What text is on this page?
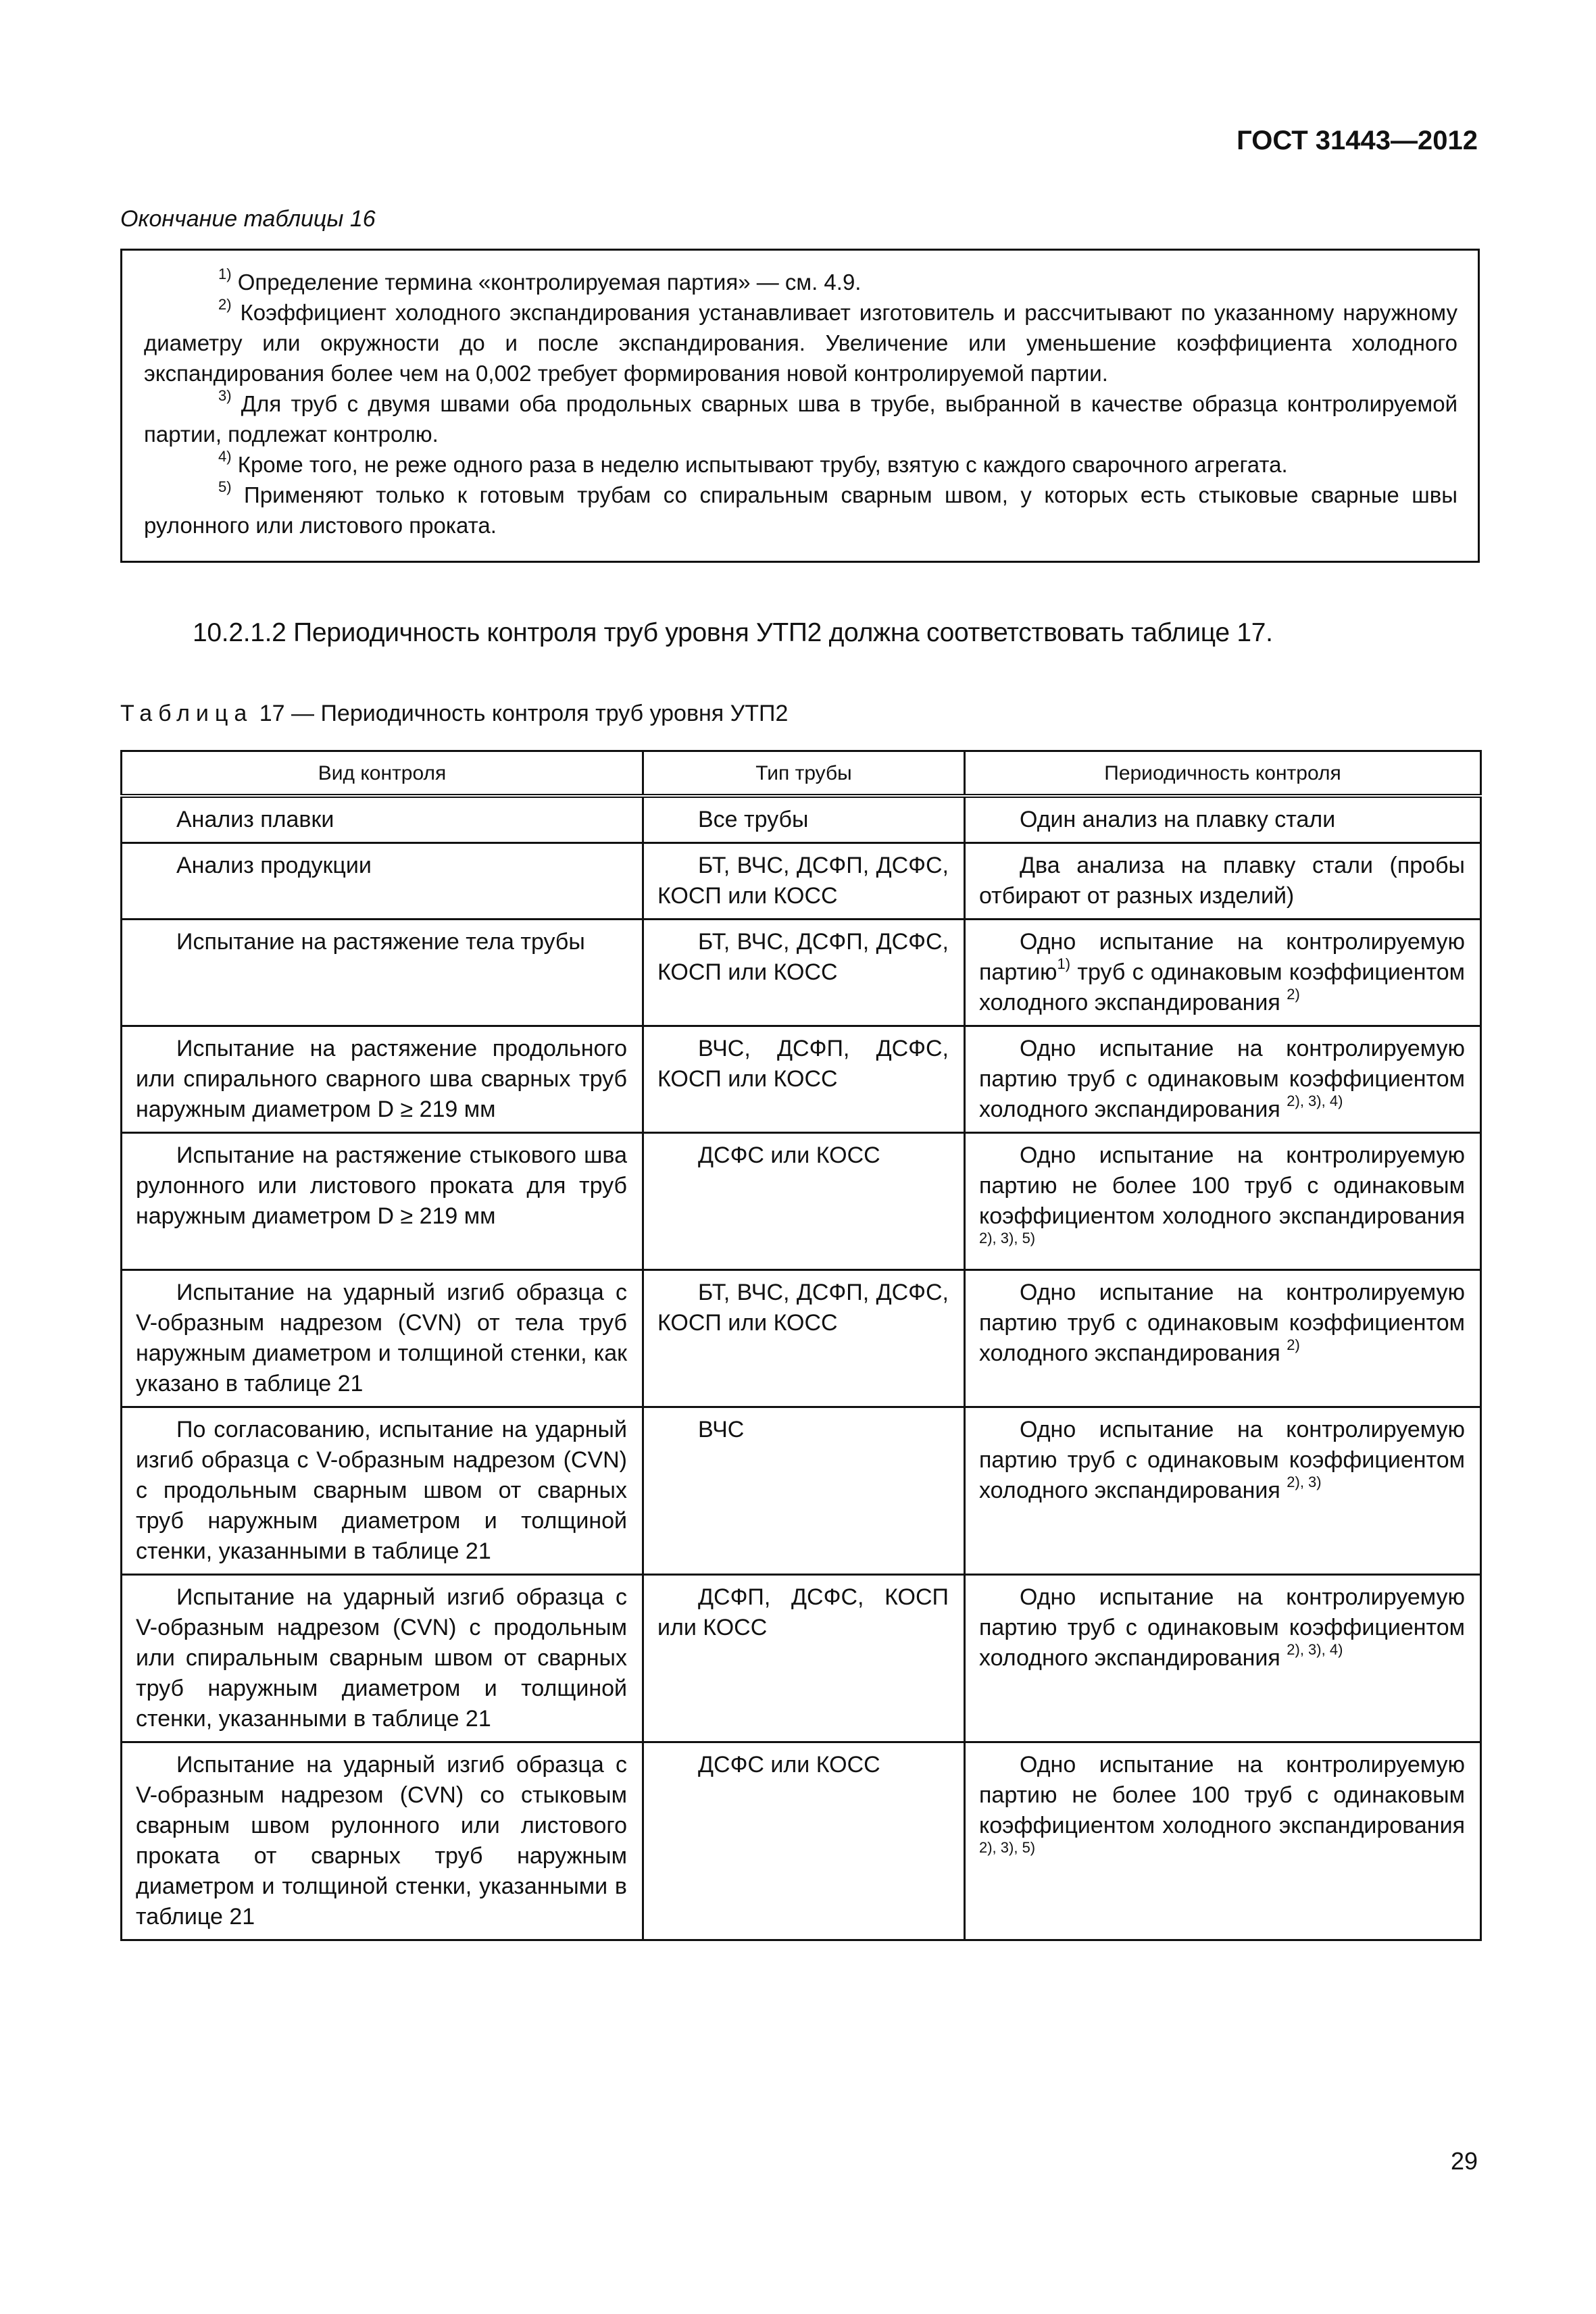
ГОСТ 31443—2012
Окончание таблицы 16

$^{1)}$ Определение термина «контролируемая партия» — см. 4.9.

$^{2)}$ Коэффициент холодного экспандирования устанавливает изготовитель и рассчитывают по указанному наружному диаметру или окружности до и после экспандирования. Увеличение или уменьшение коэффициента холодного экспандирования более чем на 0,002 требует формирования новой контролируемой партии.

$^{3)}$ Для труб с двумя швами оба продольных сварных шва в трубе, выбранной в качестве образца контролируемой партии, подлежат контролю.

$^{4)}$ Кроме того, не реже одного раза в неделю испытывают трубу, взятую с каждого сварочного агрегата.

$^{5)}$ Применяют только к готовым трубам со спиральным сварным швом, у которых есть стыковые сварные швы рулонного или листового проката.

10.2.1.2 Периодичность контроля труб уровня УТП2 должна соответствовать таблице 17.
Таблица 17 — Периодичность контроля труб уровня УТП2
Вид контроля	Тип трубы	Периодичность контроля

Анализ плавки	Все трубы	Один анализ на плавку стали

Анализ продукции	БТ, ВЧС, ДСФП, ДСФС, КОСП или КОСС	Два анализа на плавку стали (пробы отбирают от разных изделий)

Испытание на растяжение тела трубы	БТ, ВЧС, ДСФП, ДСФС, КОСП или КОСС	Одно испытание на контролируемую партию$^{1)}$ труб с одинаковым коэффициентом холодного экспандирования $^{2)}$

Испытание на растяжение продольного или спирального сварного шва сварных труб наружным диаметром D ≥ 219 мм	ВЧС, ДСФП, ДСФС, КОСП или КОСС	Одно испытание на контролируемую партию труб с одинаковым коэффициентом холодного экспандирования $^{2), 3), 4)}$

Испытание на растяжение стыкового шва рулонного или листового проката для труб наружным диаметром D ≥ 219 мм	ДСФС или КОСС	Одно испытание на контролируемую партию не более 100 труб с одинаковым коэффициентом холодного экспандирования $^{2), 3), 5)}$

Испытание на ударный изгиб образца с V-образным надрезом (CVN) от тела труб наружным диаметром и толщиной стенки, как указано в таблице 21	БТ, ВЧС, ДСФП, ДСФС, КОСП или КОСС	Одно испытание на контролируемую партию труб с одинаковым коэффициентом холодного экспандирования $^{2)}$

По согласованию, испытание на ударный изгиб образца с V-образным надрезом (CVN) с продольным сварным швом от сварных труб наружным диаметром и толщиной стенки, указанными в таблице 21	ВЧС	Одно испытание на контролируемую партию труб с одинаковым коэффициентом холодного экспандирования $^{2), 3)}$

Испытание на ударный изгиб образца с V-образным надрезом (CVN) с продольным или спиральным сварным швом от сварных труб наружным диаметром и толщиной стенки, указанными в таблице 21	ДСФП, ДСФС, КОСП или КОСС	Одно испытание на контролируемую партию труб с одинаковым коэффициентом холодного экспандирования $^{2), 3), 4)}$

Испытание на ударный изгиб образца с V-образным надрезом (CVN) со стыковым сварным швом рулонного или листового проката от сварных труб наружным диаметром и толщиной стенки, указанными в таблице 21	ДСФС или КОСС	Одно испытание на контролируемую партию не более 100 труб с одинаковым коэффициентом холодного экспандирования $^{2), 3), 5)}$

29
